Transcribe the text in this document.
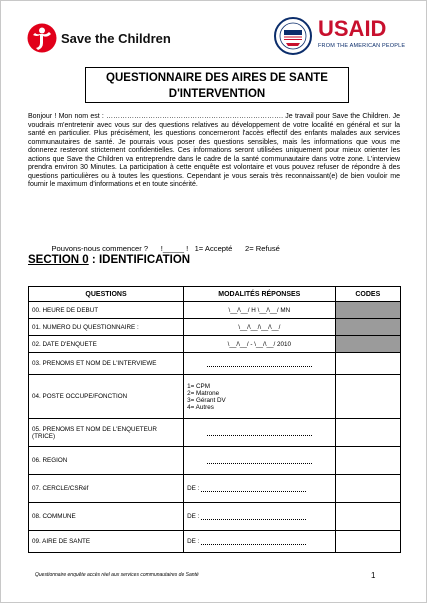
Save the Children	USAID
FROM THE AMERICAN PEOPLE
QUESTIONNAIRE DES AIRES DE SANTE
D'INTERVENTION

Bonjour ! Mon nom est : …………………………………………………………………. Je travail pour Save the Children. Je voudrais m'entretenir avec vous sur des questions relatives au développement de votre localité en général et sur la santé en particulier. Plus précisément, les questions concerneront l'accès effectif des enfants malades aux services communautaires de santé. Je pourrais vous poser des questions sensibles, mais les informations que vous me donnerez resteront strictement confidentielles. Ces informations seront utilisées uniquement pour mieux orienter les actions que Save the Children va entreprendre dans le cadre de la santé communautaire dans votre zone. L'interview prendra environ 30 Minutes. La participation à cette enquête est volontaire et vous pouvez refuser de répondre à des questions particulières ou à toutes les questions. Cependant je vous serais très reconnaissant(e) de bien vouloir me fournir le maximum d'informations et en toute sincérité.

SECTION 0 : IDENTIFICATION

Pouvons-nous commencer ? !_____ !   1= Accepté      2= Refusé

QUESTIONS	MODALITÉS RÉPONSES	CODES
00. HEURE DE DEBUT	\__/\__/ H \__/\__/ MN	
01. NUMERO DU QUESTIONNAIRE :	\__/\__/\__/\__/	
02. DATE D'ENQUETE	\__/\__/ - \__/\__/ 2010	
03. PRENOMS ET NOM DE L'INTERVIEWE		
04. POSTE OCCUPE/FONCTION	1= CPM
2= Matrone
3= Gérant DV
4= Autres	

05. PRENOMS ET NOM DE L'ENQUETEUR (TRICE)		
06. REGION		
07. CERCLE/CSRéf	DE :	
08. COMMUNE	DE :	
09. AIRE DE SANTE	DE :	
Questionnaire enquête accès réel aux services communautaires de Santé	1
